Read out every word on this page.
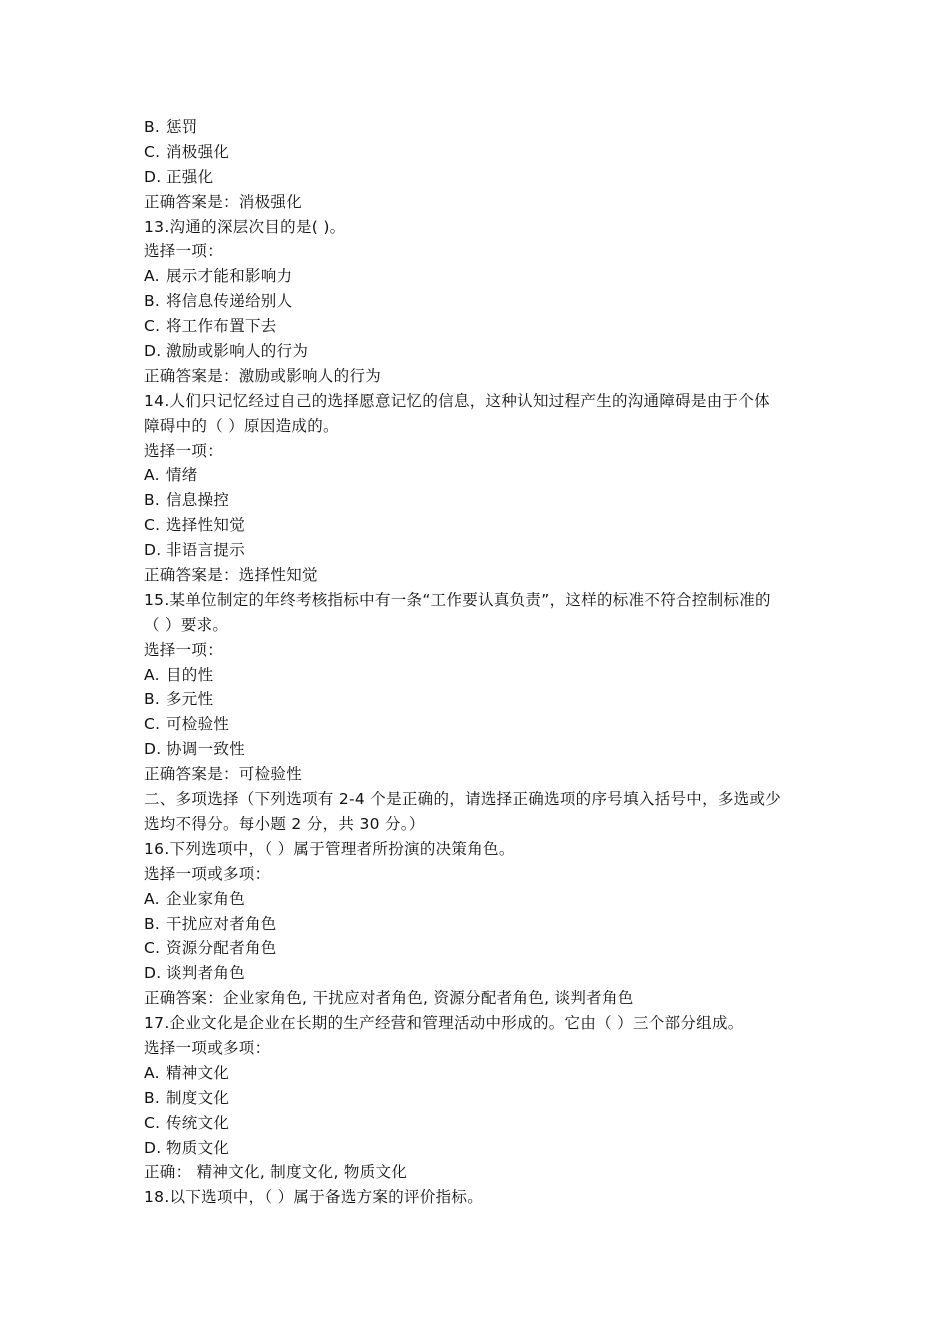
B. 惩罚
C. 消极强化
D. 正强化
正确答案是：消极强化
13.沟通的深层次目的是( )。
选择一项：
A. 展示才能和影响力
B. 将信息传递给别人
C. 将工作布置下去
D. 激励或影响人的行为
正确答案是：激励或影响人的行为
14.人们只记忆经过自己的选择愿意记忆的信息，这种认知过程产生的沟通障碍是由于个体
障碍中的（ ）原因造成的。
选择一项：
A. 情绪
B. 信息操控
C. 选择性知觉
D. 非语言提示
正确答案是：选择性知觉
15.某单位制定的年终考核指标中有一条“工作要认真负责”，这样的标准不符合控制标准的
（ ）要求。
选择一项：
A. 目的性
B. 多元性
C. 可检验性
D. 协调一致性
正确答案是：可检验性
二、多项选择（下列选项有 2-4 个是正确的，请选择正确选项的序号填入括号中，多选或少
选均不得分。每小题 2 分，共 30 分。）
16.下列选项中，（ ）属于管理者所扮演的决策角色。
选择一项或多项：
A. 企业家角色
B. 干扰应对者角色
C. 资源分配者角色
D. 谈判者角色
正确答案：企业家角色, 干扰应对者角色, 资源分配者角色, 谈判者角色
17.企业文化是企业在长期的生产经营和管理活动中形成的。它由（ ）三个部分组成。
选择一项或多项：
A. 精神文化
B. 制度文化
C. 传统文化
D. 物质文化
正确： 精神文化, 制度文化, 物质文化
18.以下选项中，（ ）属于备选方案的评价指标。
